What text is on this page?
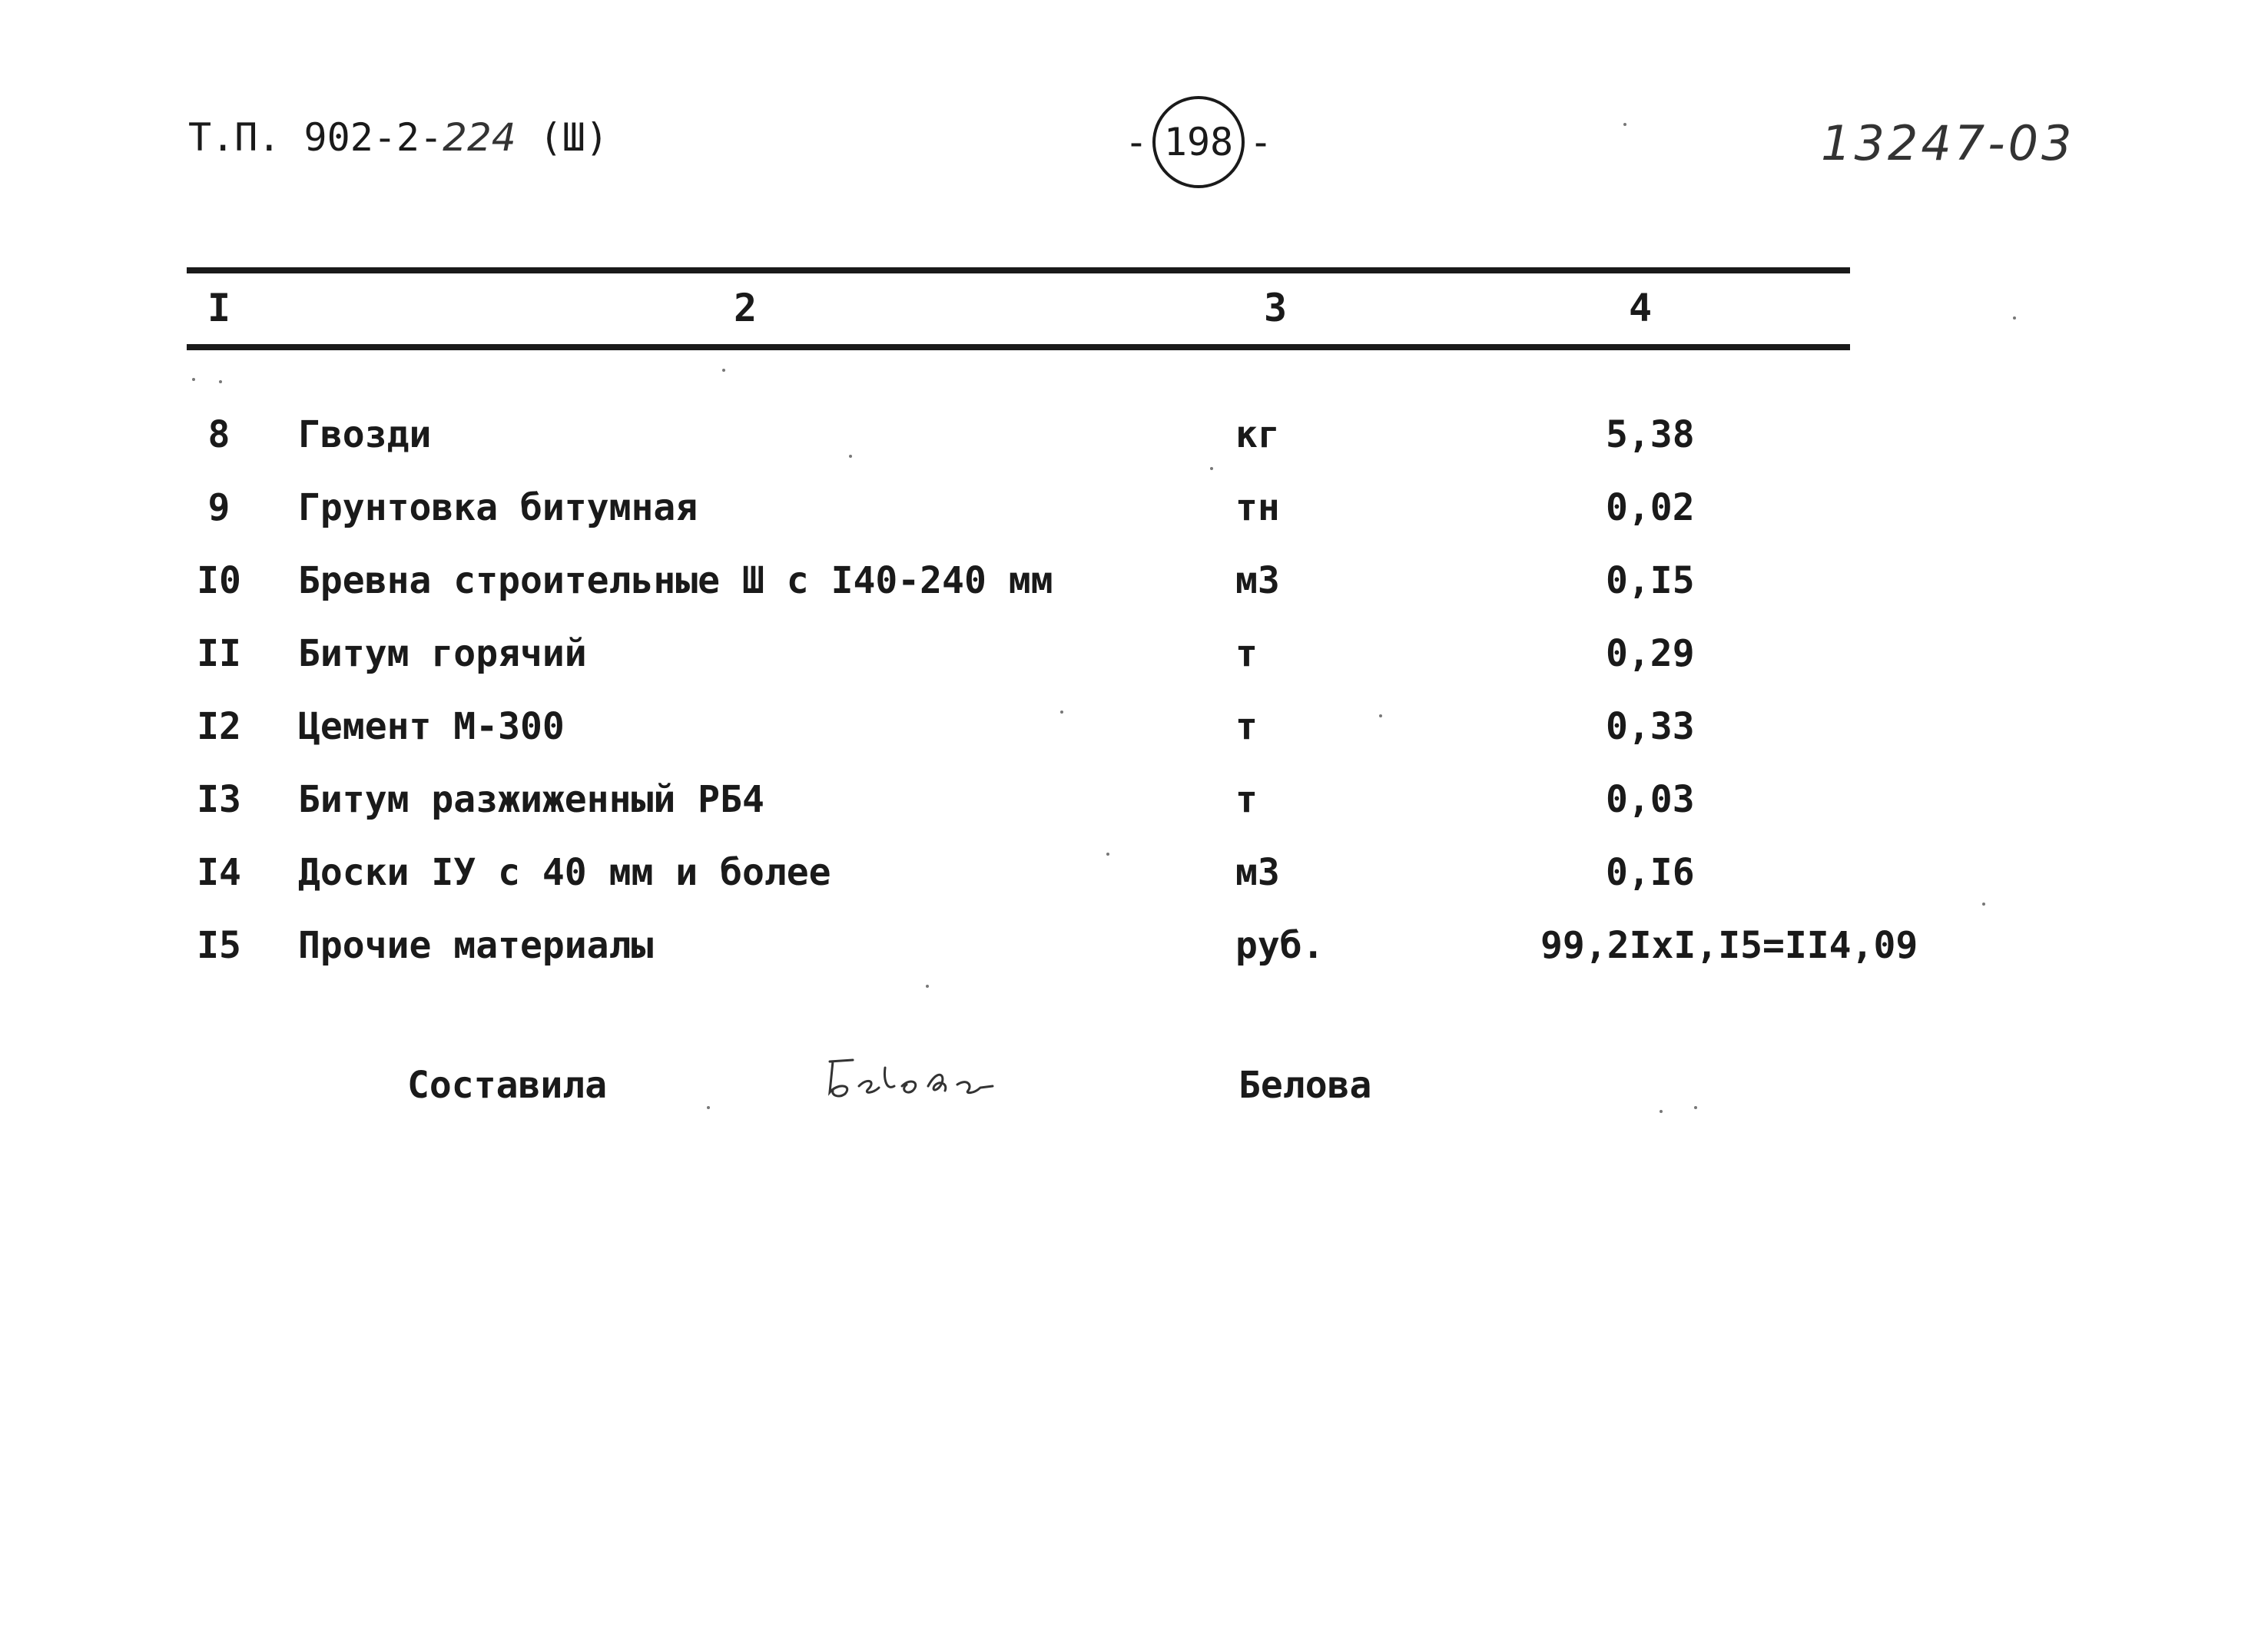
Т.П. 902-2-224 (Ш)	- 198 -	13247-03
I	2	3	4
8	Гвозди	кг	5,38
9	Грунтовка битумная	тн	0,02
I0	Бревна строительные Ш с I40-240 мм	м3	0,I5
II	Битум горячий	т	0,29
I2	Цемент М-300	т	0,33
I3	Битум разжиженный РБ4	т	0,03
I4	Доски IУ с 40 мм и более	м3	0,I6
I5	Прочие материалы	руб.	99,2IxI,I5=II4,09
Составила	Белова
